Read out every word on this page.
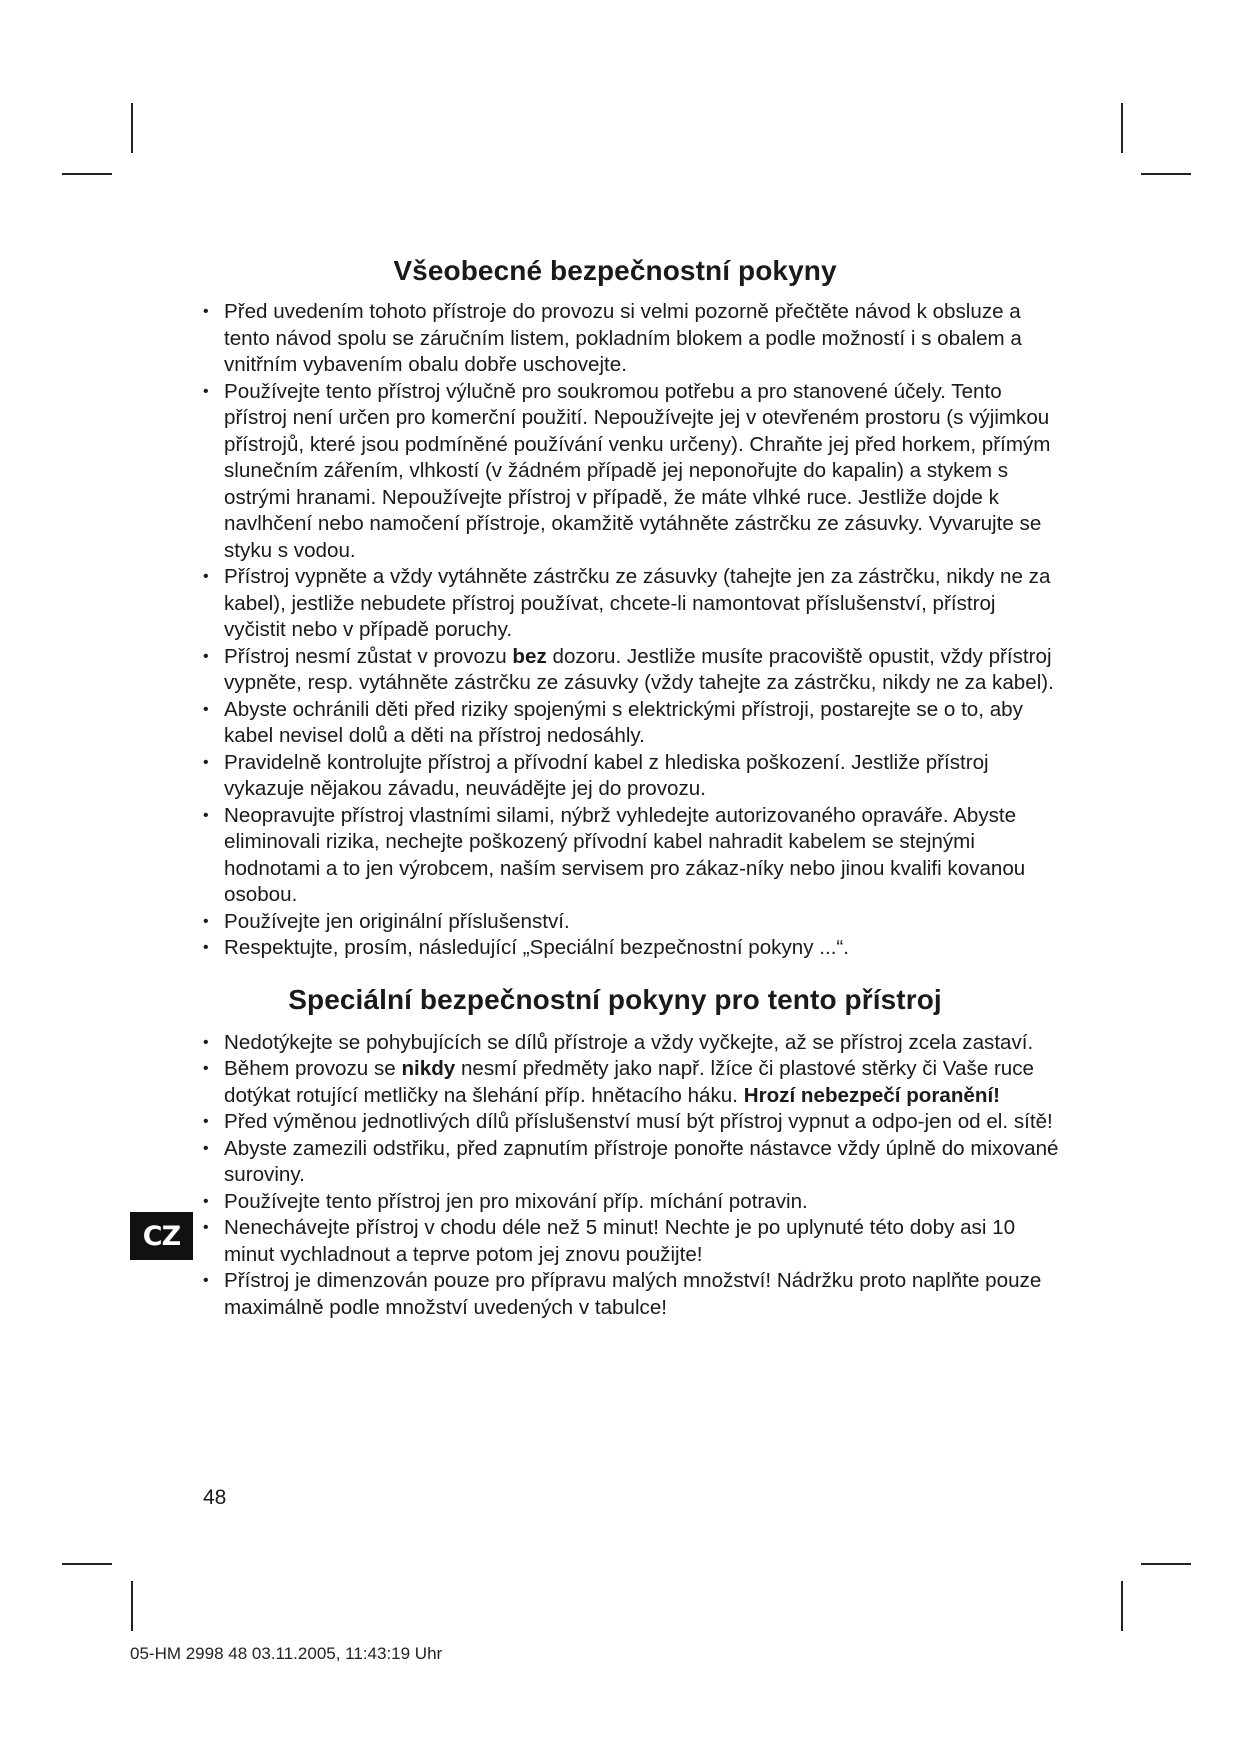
Všeobecné bezpečnostní pokyny
• Před uvedením tohoto přístroje do provozu si velmi pozorně přečtěte návod k obsluze a tento návod spolu se záručním listem, pokladním blokem a podle možností i s obalem a vnitřním vybavením obalu dobře uschovejte.
• Používejte tento přístroj výlučně pro soukromou potřebu a pro stanovené účely. Tento přístroj není určen pro komerční použití. Nepoužívejte jej v otevřeném prostoru (s výjimkou přístrojů, které jsou podmíněné používání venku určeny). Chraňte jej před horkem, přímým slunečním zářením, vlhkostí (v žádném případě jej neponořujte do kapalin) a stykem s ostrými hranami. Nepoužívejte přístroj v případě, že máte vlhké ruce. Jestliže dojde k navlhčení nebo namočení přístroje, okamžitě vytáhněte zástrčku ze zásuvky. Vyvarujte se styku s vodou.
• Přístroj vypněte a vždy vytáhněte zástrčku ze zásuvky (tahejte jen za zástrčku, nikdy ne za kabel), jestliže nebudete přístroj používat, chcete-li namontovat příslušenství, přístroj vyčistit nebo v případě poruchy.
• Přístroj nesmí zůstat v provozu bez dozoru. Jestliže musíte pracoviště opustit, vždy přístroj vypněte, resp. vytáhněte zástrčku ze zásuvky (vždy tahejte za zástrčku, nikdy ne za kabel).
• Abyste ochránili děti před riziky spojenými s elektrickými přístroji, postarejte se o to, aby kabel nevisel dolů a děti na přístroj nedosáhly.
• Pravidelně kontrolujte přístroj a přívodní kabel z hlediska poškození. Jestliže přístroj vykazuje nějakou závadu, neuvádějte jej do provozu.
• Neopravujte přístroj vlastními silami, nýbrž vyhledejte autorizovaného opraváře. Abyste eliminovali rizika, nechejte poškozený přívodní kabel nahradit kabelem se stejnými hodnotami a to jen výrobcem, naším servisem pro zákaz-níky nebo jinou kvalifi kovanou osobou.
• Používejte jen originální příslušenství.
• Respektujte, prosím, následující „Speciální bezpečnostní pokyny ...“.
Speciální bezpečnostní pokyny pro tento přístroj
• Nedotýkejte se pohybujících se dílů přístroje a vždy vyčkejte, až se přístroj zcela zastaví.
• Během provozu se nikdy nesmí předměty jako např. lžíce či plastové stěrky či Vaše ruce dotýkat rotující metličky na šlehání příp. hnětacího háku. Hrozí nebezpečí poranění!
• Před výměnou jednotlivých dílů příslušenství musí být přístroj vypnut a odpo-jen od el. sítě!
• Abyste zamezili odstřiku, před zapnutím přístroje ponořte nástavce vždy úplně do mixované suroviny.
• Používejte tento přístroj jen pro mixování příp. míchání potravin.
• Nenechávejte přístroj v chodu déle než 5 minut! Nechte je po uplynuté této doby asi 10 minut vychladnout a teprve potom jej znovu použijte!
• Přístroj je dimenzován pouze pro přípravu malých množství! Nádržku proto naplňte pouze maximálně podle množství uvedených v tabulce!
CZ
48
05-HM 2998 48 03.11.2005, 11:43:19 Uhr
